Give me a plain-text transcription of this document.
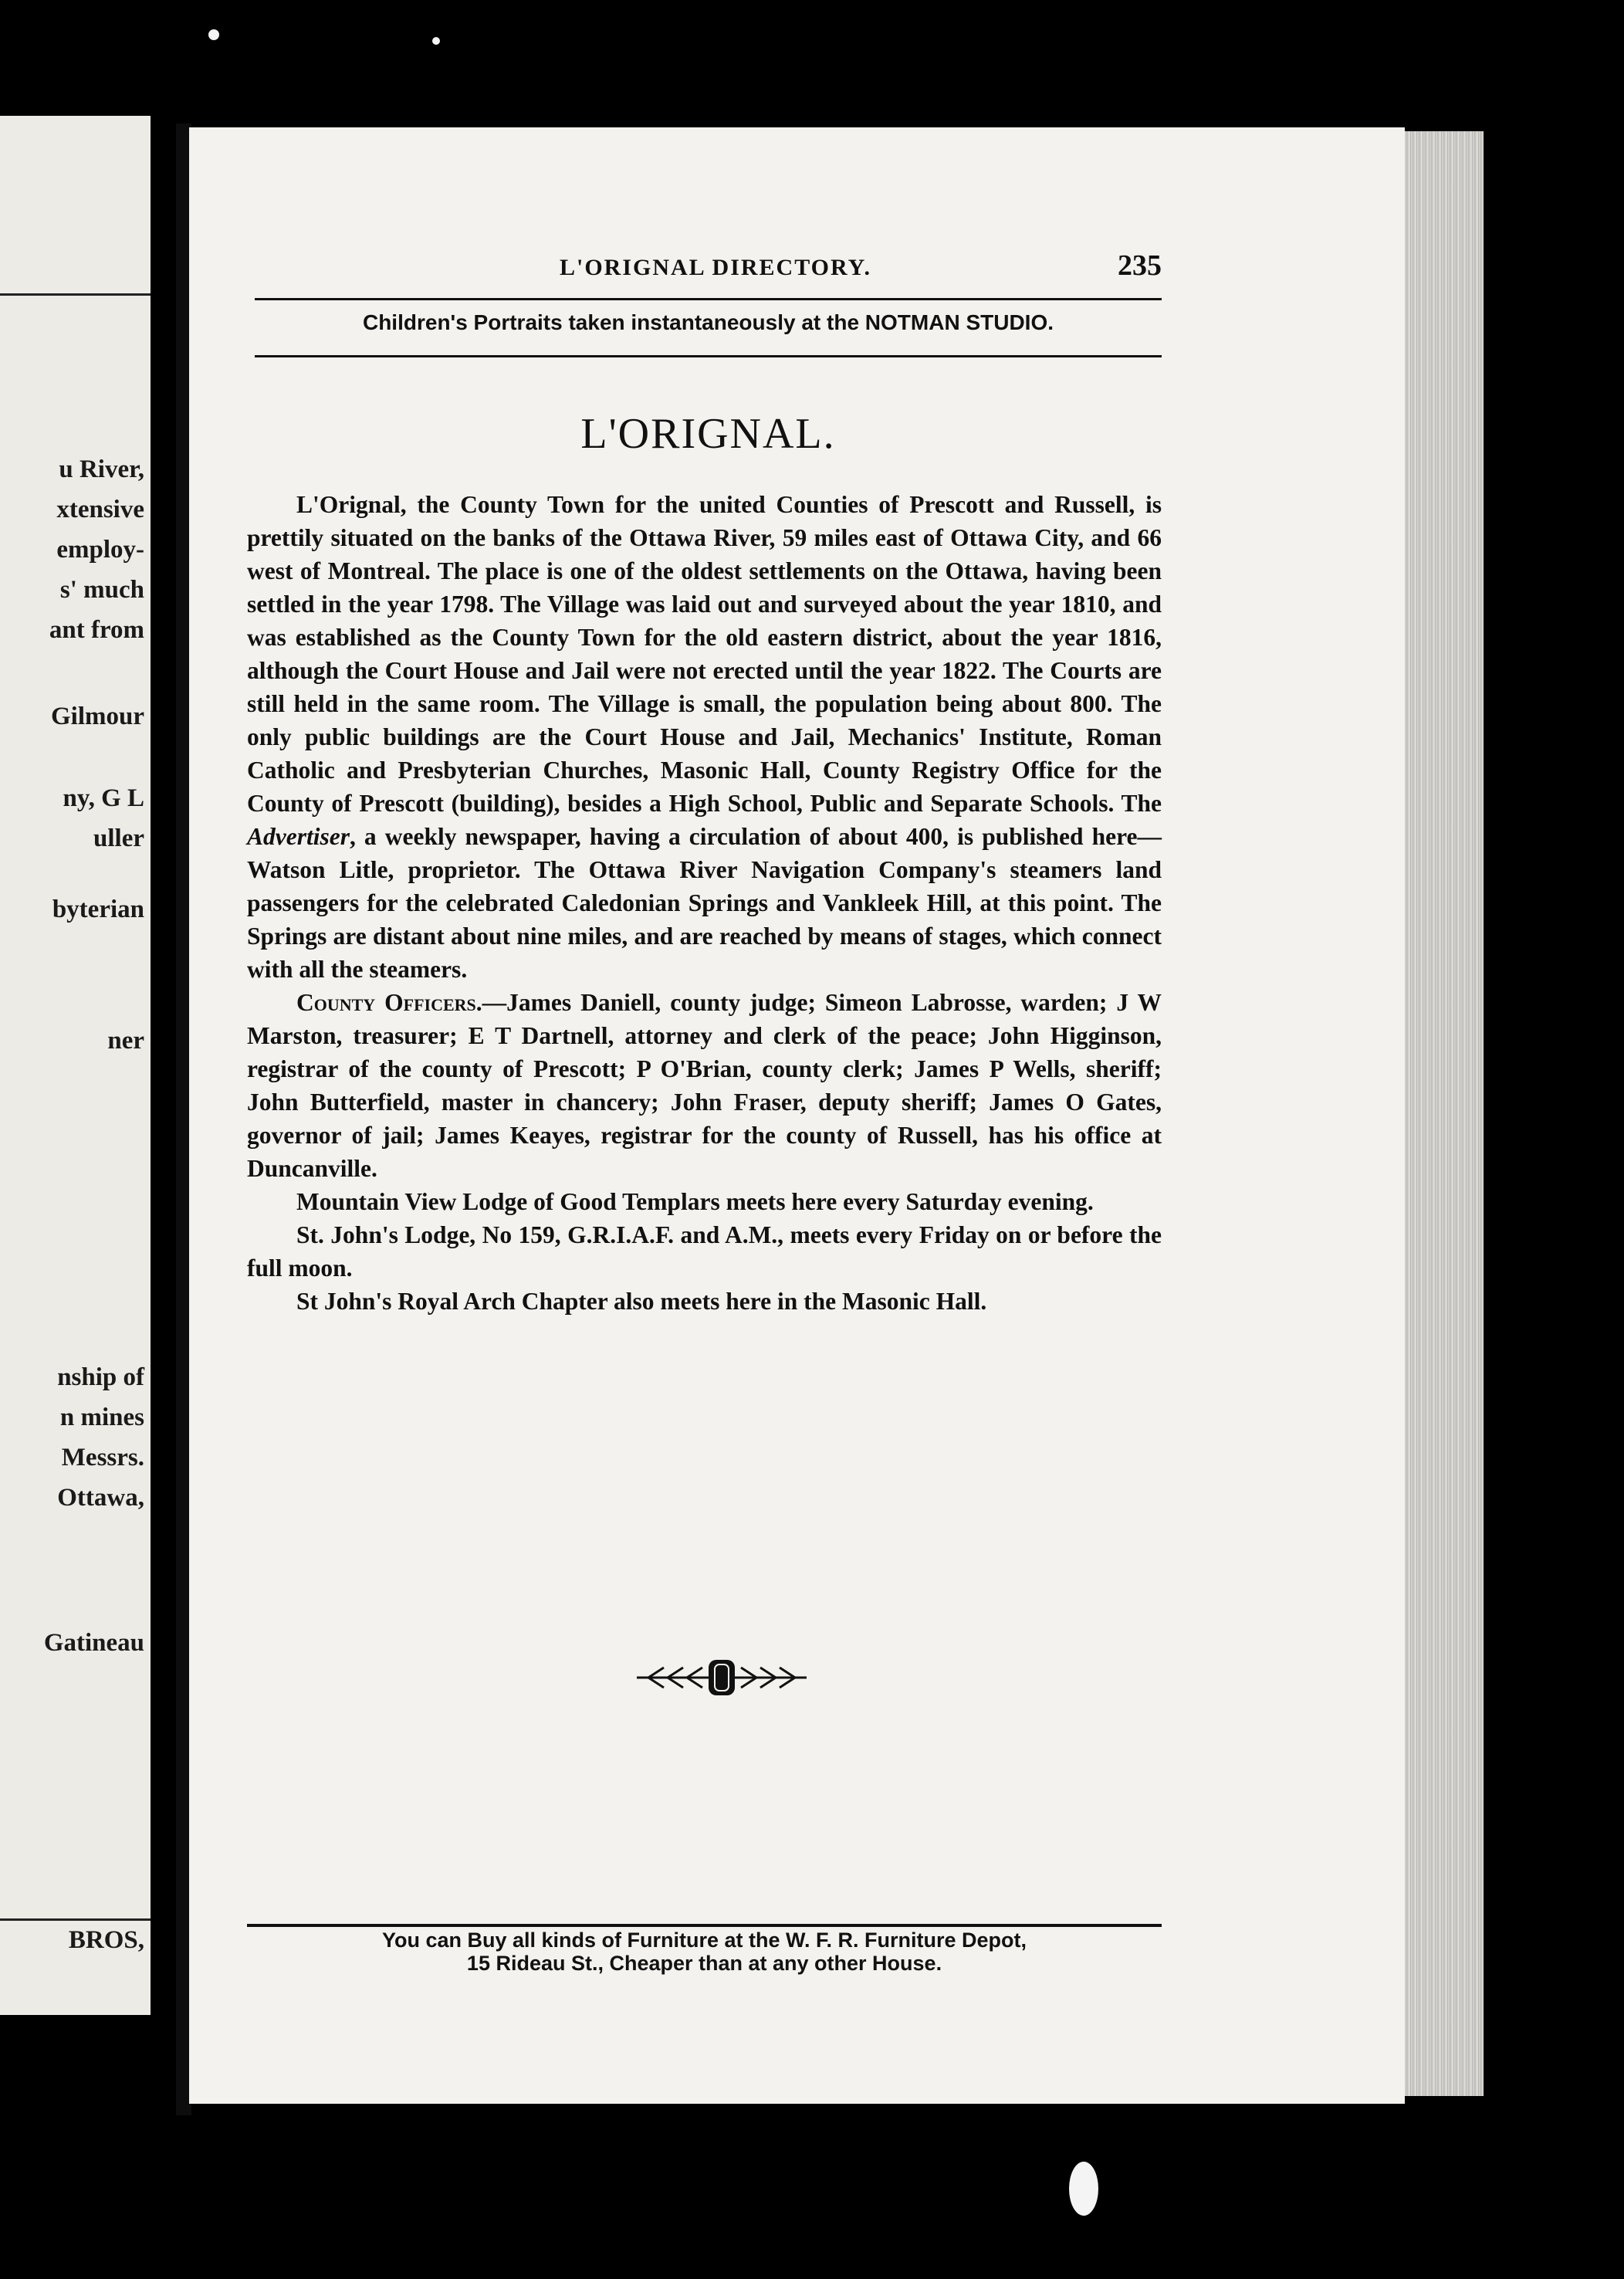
u River,
xtensive
employ-
s' much
ant from
Gilmour
ny, G L
uller
byterian
ner
nship of
n mines
Messrs.
Ottawa,
Gatineau
BROS,
L'ORIGNAL DIRECTORY.	235
Children's Portraits taken instantaneously at the NOTMAN STUDIO.
L'ORIGNAL.

L'Orignal, the County Town for the united Counties of Prescott and Russell, is prettily situated on the banks of the Ottawa River, 59 miles east of Ottawa City, and 66 west of Montreal. The place is one of the oldest settlements on the Ottawa, having been settled in the year 1798. The Village was laid out and surveyed about the year 1810, and was established as the County Town for the old eastern district, about the year 1816, although the Court House and Jail were not erected until the year 1822. The Courts are still held in the same room. The Village is small, the population being about 800. The only public buildings are the Court House and Jail, Mechanics' Institute, Roman Catholic and Presbyterian Churches, Masonic Hall, County Registry Office for the County of Prescott (building), besides a High School, Public and Separate Schools. The Advertiser, a weekly newspaper, having a circulation of about 400, is published here—Watson Litle, proprietor. The Ottawa River Navigation Company's steamers land passengers for the celebrated Caledonian Springs and Vankleek Hill, at this point. The Springs are distant about nine miles, and are reached by means of stages, which connect with all the steamers.

County Officers.—James Daniell, county judge; Simeon Labrosse, warden; J W Marston, treasurer; E T Dartnell, attorney and clerk of the peace; John Higginson, registrar of the county of Prescott; P O'Brian, county clerk; James P Wells, sheriff; John Butterfield, master in chancery; John Fraser, deputy sheriff; James O Gates, governor of jail; James Keayes, registrar for the county of Russell, has his office at Duncanville.

Mountain View Lodge of Good Templars meets here every Saturday evening.

St. John's Lodge, No 159, G.R.I.A.F. and A.M., meets every Friday on or before the full moon.

St John's Royal Arch Chapter also meets here in the Masonic Hall.

You can Buy all kinds of Furniture at the W. F. R. Furniture Depot,
15 Rideau St., Cheaper than at any other House.
